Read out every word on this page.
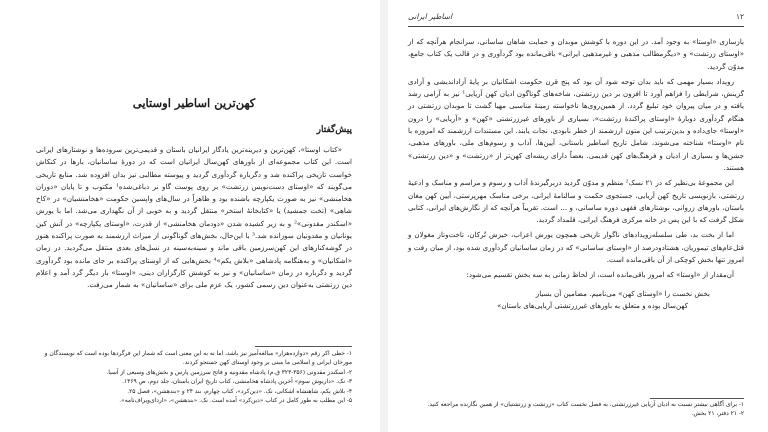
کهن‌ترین اساطیر اوستایی
پیش‌گفتار

«کتاب اوستا»، کهن‌ترین و دیرینه‌ترین یادگار ایرانیان باستان و قدیمی‌ترین سروده‌ها و نوشتارهای ایرانی است. این کتاب مجموعه‌ای از باورهای کهن‌سال ایرانیان است که در دورهٔ ساسانیان، بارها در کنکاش خواست تاریخی پراکنده شد و دگرباره گردآوری گردید و پیوسته مطالبی نیز بدان افزوده شد. منابع تاریخی می‌گویند که «اوستای دست‌نویس زرتشت» بر روی پوست گاو نر دباغی‌شده¹ مکتوب و تا پایان «دوران هخامنشی» نیز به صورت یکپارچه باشنده بود و ظاهراً در سال‌های واپسین حکومت «هخامنشیان» در «کاخ شاهی» (تخت جمشید) یا «کتابخانهٔ استخر» منتقل گردید و به خوبی از آن نگهداری می‌شد. اما با یورش «اسکندر مقدونی»² و به زیر کشیده شدن «دودمان هخامنشی» از قدرت، «اوستای یکپارچه» در آتش کین یونانیان و مقدونیان سوزانده شد.³ با این‌حال، بخش‌های گوناگونی از میراث ارزشمند به صورت پراکنده هنوز در گوشه‌کنارهای این کهن‌سرزمین باقی ماند و سینه‌به‌سینه در نسل‌های بعدی منتقل می‌گردید. در زمان «اشکانیان» و به‌هنگامه پادشاهی «بلاش یکم»⁴ بخش‌هایی که از اوستای پراکنده بر جای مانده بود گردآوری گردید و دگرباره در زمان «ساسانیان» و نیز به کوشش کارگزاران دینی، «اوستا» بار دیگر گرد آمد و اعلام دین زرتشتی به‌عنوان دین رسمی کشور، یک عزم ملی برای «ساسانیان» به شمار می‌رفت.

۱- خطی اکر رقم «دوازده‌هزار» مبالغه‌آمیز نیز باشد، اما نه به این معنی است که شمار این فرگرد‌ها بوده است که نویسندگان و مورخان ایرانی و اسلامی ما مبنی بر وجود اوستای کهن جستجو کردند.

۲- اسکندر مقدونی (۳۵۶-۳۲۳ ق.م) پادشاه مقدونیه و فاتح سرزمین پارس و بخش‌های وسیعی از آسیا.

۳- نک. «داریوش سوم» آخرین پادشاه هخامنشی، کتاب تاریخ ایران باستان، جلد دوم، ص ۱۳۶۹.

۴- بلاش یکم، شاهنشاه اشکانی، نک. «دین‌کرد»، کتاب چهارم، بند ۲۴ و «بندهشن»، فصل ۲۵.

۵- این مطلب به طور کامل در کتاب «دین‌کرد» آمده است. نک. «بندهشن»، «اردای‌ویراف‌نامه».

۱۲
اساطیر ایرانی

بازسازی «اوستا» به وجود آمد. در این دوره با کوشش موبدان و حمایت شاهان ساسانی، سرانجام هرآنچه که از «اوستای زرتشت» و «دیگرمطالب مذهبی و غیرمذهبی ایرانی» باقی‌مانده بود گردآوری و در قالب یک کتاب جامع، مدوّن گردید.

رویداد بسیار مهمی که باید بدان توجه شود آن بود که پنج قرن حکومت اشکانیان بر پایهٔ آزاداندیشی و آزادی گزینش، شرایطی را فراهم آورد تا افزون بر دین زرتشتی، شاخه‌های گوناگون ادیان کهن آریایی¹ نیز به آرامی رشد یافته و در میان پیروان خود تبلیغ گردد. از همین‌روی‌ها ناخواسته زمینهٔ مناسبی مهیا گشت تا موبدان زرتشتی در هنگام گردآوری دوبارهٔ «اوستای پراکندهٔ زرتشت»، بسیاری از باورهای غیرزرتشتی «کهن» و «آریایی» را درون «اوستا» جای‌داده و بدین‌ترتیب این متون ارزشمند از خطر نابودی، نجات یابند. این مستندات ارزشمند که امروزه با نام «اوستا» شناخته می‌شوند، شامل تاریخ اساطیر باستانی، آیین‌ها، آداب و رسوم‌های ملی، باورهای مذهبی، جشن‌ها و بسیاری از ادیان و فرهنگ‌های کهن قدیمی. بعضاً دارای ریشه‌ای کهن‌تر از «زرتشت» و «دین زرتشتی» هستند.

این مجموعهٔ بی‌نظیر که در ۲۱ نسک² منظم و مدوّن گردید دربرگیرندهٔ آداب و رسوم و مراسم و مناسک و ادعیهٔ زرتشتی، بازنویسی تاریخ کهن آریایی، جستجوی حکمت و سالنامهٔ ایرانی، برخی مناسک مهرپرستی، آیین کهن مغان باستان، باورهای زروانی، نوشتارهای فقهی دوره ساسانی، و ... است. تقریباً هرآنچه که از نگارش‌های ایرانی، کتابی شکل گرفت که با این پس در خانه مرکزی فرهنگ ایرانی، قلمداد گردید.

اما از بخت بد، طی سلسله‌رویدادهای ناگوار تاریخی همچون یورش اعراب، خیزش تُرکان، تاخت‌وتاز مغولان و قتل‌عام‌های تیموریان، هشتادودرصد از «اوستای ساسانی» که در زمان ساسانیان گردآوری شده بود، از میان رفت و امروز تنها بخش کوچکی از آن باقی‌مانده است.

آن‌مقدار از «اوستا» که امروز باقی‌مانده است، از لحاظ زمانی به سه بخش تقسیم می‌شود:

بخش نخست را «اوستای کهن» می‌نامیم. مضامین آن بسیار

کهن‌سال بوده و متعلق به باورهای غیرزرتشتی آریایی‌های باستان»

۱- برای آگاهی بیشتر نسبت به ادیان آریایی غیرزرتشتی، به فصل نخست کتاب «زرتشت و زرتشتیان» از همین نگارنده مراجعه کنید.

۲- ۲۱ دفتر، ۲۱ بخش.
